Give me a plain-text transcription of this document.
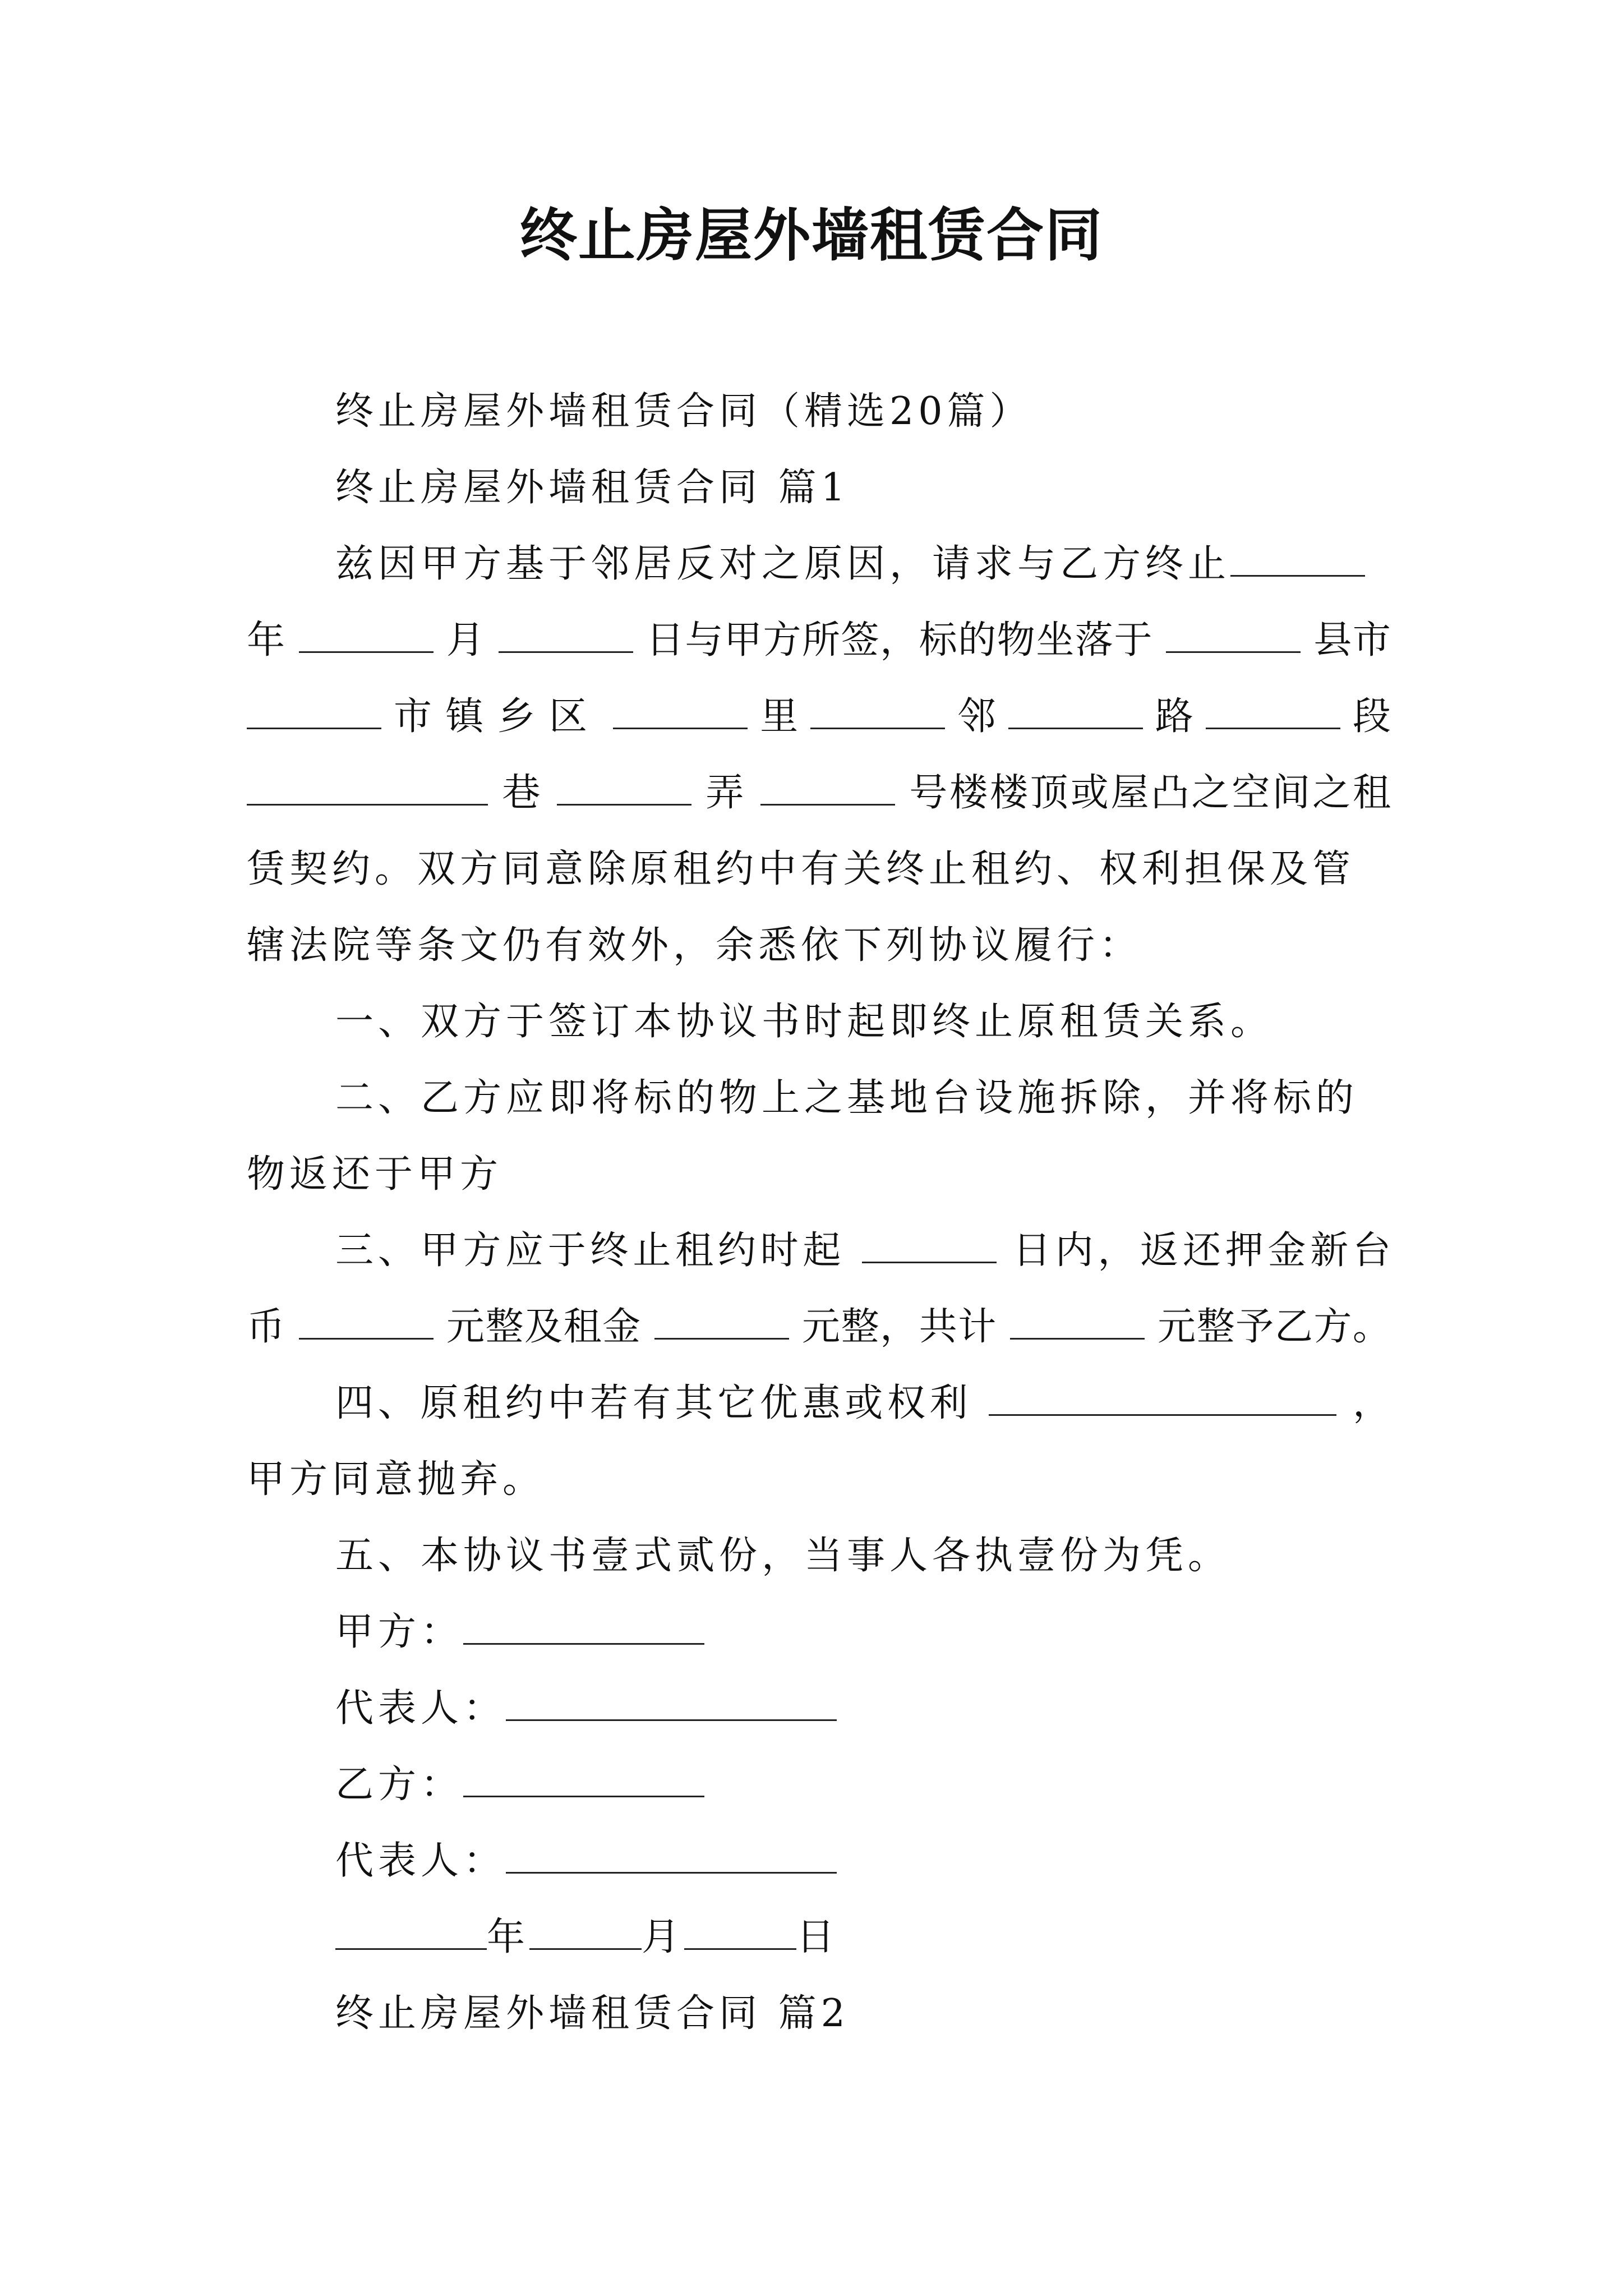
终止房屋外墙租赁合同
终止房屋外墙租赁合同（精选20篇）
终止房屋外墙租赁合同 篇1
兹因甲方基于邻居反对之原因，请求与乙方终止
年	月	日与甲方所签，标的物坐落于	县市
市镇乡区	里	邻	路	段
巷	弄	号楼楼顶或屋凸之空间之租
赁契约。双方同意除原租约中有关终止租约、权利担保及管
辖法院等条文仍有效外，余悉依下列协议履行：
一、双方于签订本协议书时起即终止原租赁关系。
二、乙方应即将标的物上之基地台设施拆除，并将标的
物返还于甲方
三、甲方应于终止租约时起	日内，返还押金新台
币	元整及租金	元整，共计	元整予乙方。
四、原租约中若有其它优惠或权利	，
甲方同意抛弃。
五、本协议书壹式贰份，当事人各执壹份为凭。
甲方：
代表人：
乙方：
代表人：
年	月	日
终止房屋外墙租赁合同 篇2
